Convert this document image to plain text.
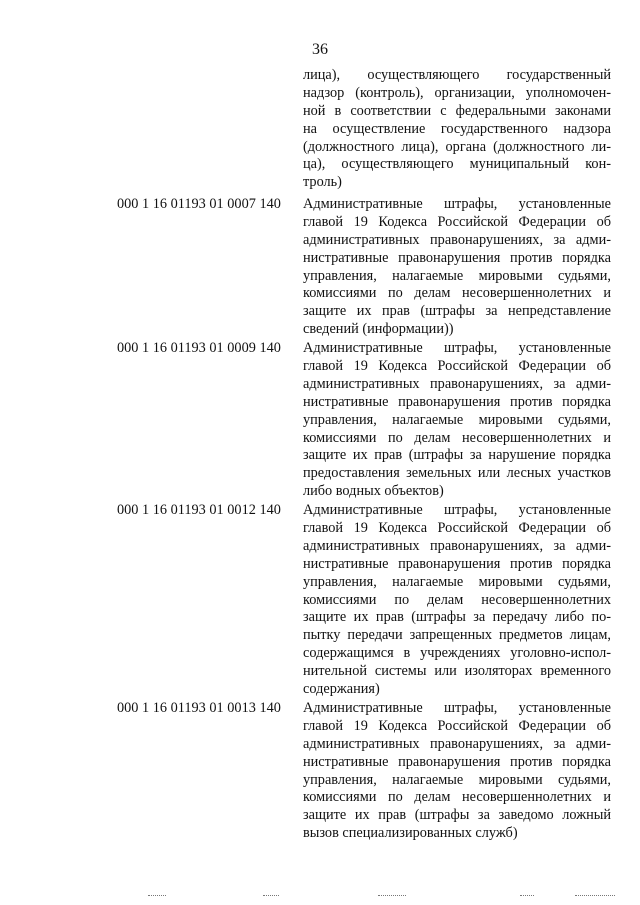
36
лица), осуществляющего государственный
надзор (контроль), организации, уполномочен-
ной в соответствии с федеральными законами
на осуществление государственного надзора
(должностного лица), органа (должностного ли-
ца), осуществляющего муниципальный кон-
троль)
000 1 16 01193 01 0007 140	Административные штрафы, установленные
главой 19 Кодекса Российской Федерации об
административных правонарушениях, за адми-
нистративные правонарушения против порядка
управления, налагаемые мировыми судьями,
комиссиями по делам несовершеннолетних и
защите их прав (штрафы за непредставление
сведений (информации))
000 1 16 01193 01 0009 140	Административные штрафы, установленные
главой 19 Кодекса Российской Федерации об
административных правонарушениях, за адми-
нистративные правонарушения против порядка
управления, налагаемые мировыми судьями,
комиссиями по делам несовершеннолетних и
защите их прав (штрафы за нарушение порядка
предоставления земельных или лесных участков
либо водных объектов)
000 1 16 01193 01 0012 140	Административные штрафы, установленные
главой 19 Кодекса Российской Федерации об
административных правонарушениях, за адми-
нистративные правонарушения против порядка
управления, налагаемые мировыми судьями,
комиссиями по делам несовершеннолетних
защите их прав (штрафы за передачу либо по-
пытку передачи запрещенных предметов лицам,
содержащимся в учреждениях уголовно-испол-
нительной системы или изоляторах временного
содержания)
000 1 16 01193 01 0013 140	Административные штрафы, установленные
главой 19 Кодекса Российской Федерации об
административных правонарушениях, за адми-
нистративные правонарушения против порядка
управления, налагаемые мировыми судьями,
комиссиями по делам несовершеннолетних и
защите их прав (штрафы за заведомо ложный
вызов специализированных служб)
